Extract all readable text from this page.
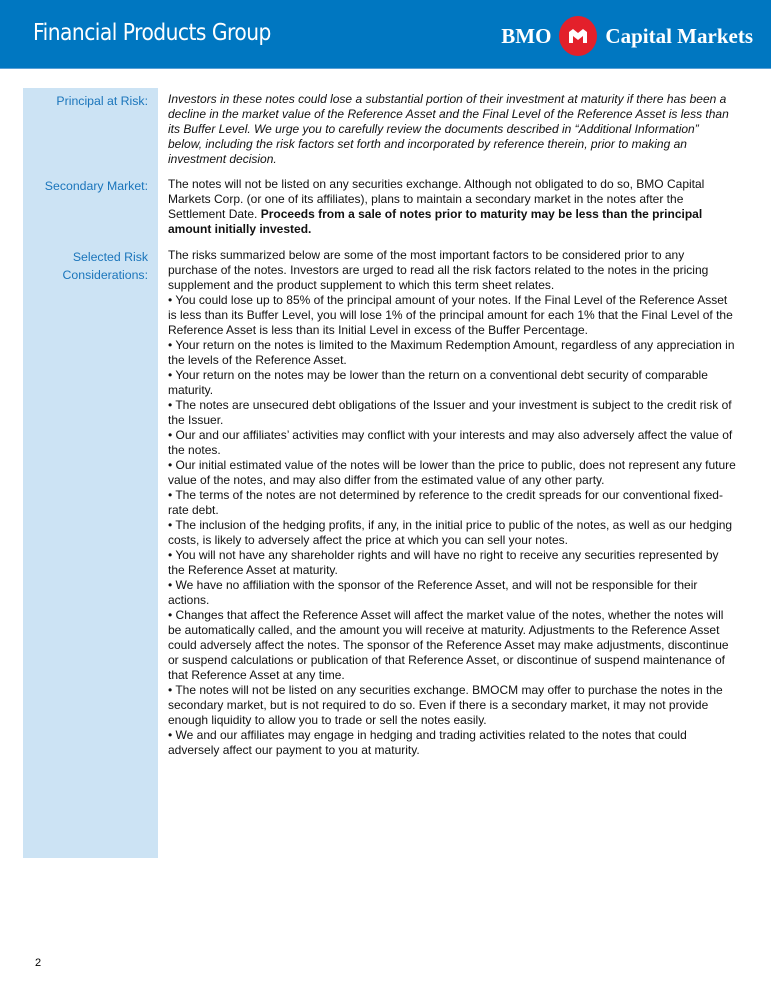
Financial Products Group	BMO	Capital Markets
Principal at Risk: Investors in these notes could lose a substantial portion of their investment at maturity if there has been a decline in the market value of the Reference Asset and the Final Level of the Reference Asset is less than its Buffer Level. We urge you to carefully review the documents described in “Additional Information” below, including the risk factors set forth and incorporated by reference therein, prior to making an investment decision.
Secondary Market: The notes will not be listed on any securities exchange. Although not obligated to do so, BMO Capital Markets Corp. (or one of its affiliates), plans to maintain a secondary market in the notes after the Settlement Date. Proceeds from a sale of notes prior to maturity may be less than the principal amount initially invested.
Selected Risk
Considerations:

The risks summarized below are some of the most important factors to be considered prior to any purchase of the notes. Investors are urged to read all the risk factors related to the notes in the pricing supplement and the product supplement to which this term sheet relates.

• You could lose up to 85% of the principal amount of your notes. If the Final Level of the Reference Asset is less than its Buffer Level, you will lose 1% of the principal amount for each 1% that the Final Level of the Reference Asset is less than its Initial Level in excess of the Buffer Percentage.

• Your return on the notes is limited to the Maximum Redemption Amount, regardless of any appreciation in the levels of the Reference Asset.

• Your return on the notes may be lower than the return on a conventional debt security of comparable maturity.

• The notes are unsecured debt obligations of the Issuer and your investment is subject to the credit risk of the Issuer.

• Our and our affiliates’ activities may conflict with your interests and may also adversely affect the value of the notes.

• Our initial estimated value of the notes will be lower than the price to public, does not represent any future value of the notes, and may also differ from the estimated value of any other party.

• The terms of the notes are not determined by reference to the credit spreads for our conventional fixed-rate debt.

• The inclusion of the hedging profits, if any, in the initial price to public of the notes, as well as our hedging costs, is likely to adversely affect the price at which you can sell your notes.

• You will not have any shareholder rights and will have no right to receive any securities represented by the Reference Asset at maturity.

• We have no affiliation with the sponsor of the Reference Asset, and will not be responsible for their actions.

• Changes that affect the Reference Asset will affect the market value of the notes, whether the notes will be automatically called, and the amount you will receive at maturity. Adjustments to the Reference Asset could adversely affect the notes. The sponsor of the Reference Asset may make adjustments, discontinue or suspend calculations or publication of that Reference Asset, or discontinue of suspend maintenance of that Reference Asset at any time.

• The notes will not be listed on any securities exchange. BMOCM may offer to purchase the notes in the secondary market, but is not required to do so. Even if there is a secondary market, it may not provide enough liquidity to allow you to trade or sell the notes easily.

• We and our affiliates may engage in hedging and trading activities related to the notes that could adversely affect our payment to you at maturity.

2
